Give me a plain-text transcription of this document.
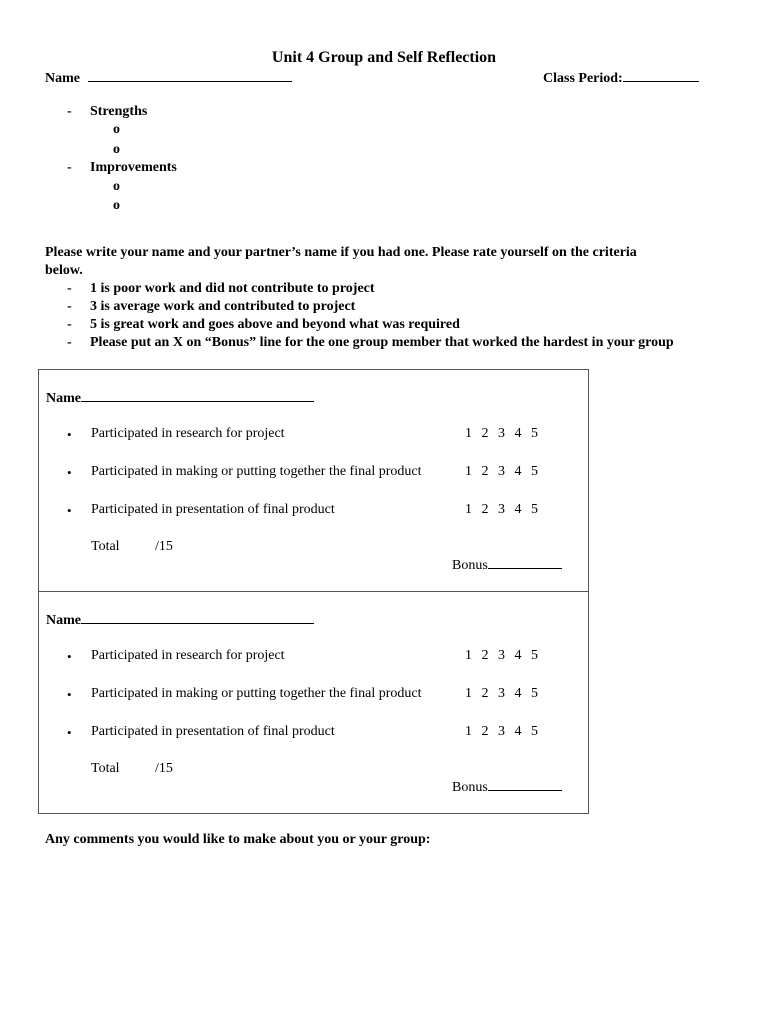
Unit 4 Group and Self Reflection
Name	Class Period:
- Strengths
o
o
- Improvements
o
o
Please write your name and your partner’s name if you had one. Please rate yourself on the criteria
below.
- 1 is poor work and did not contribute to project
- 3 is average work and contributed to project
- 5 is great work and goes above and beyond what was required
- Please put an X on “Bonus” line for the one group member that worked the hardest in your group
Name
• Participated in research for project	1 2 3 4 5
• Participated in making or putting together the final product	1 2 3 4 5
• Participated in presentation of final product	1 2 3 4 5
Total	/15
Bonus
Name
• Participated in research for project	1 2 3 4 5
• Participated in making or putting together the final product	1 2 3 4 5
• Participated in presentation of final product	1 2 3 4 5
Total	/15
Bonus
Any comments you would like to make about you or your group:
